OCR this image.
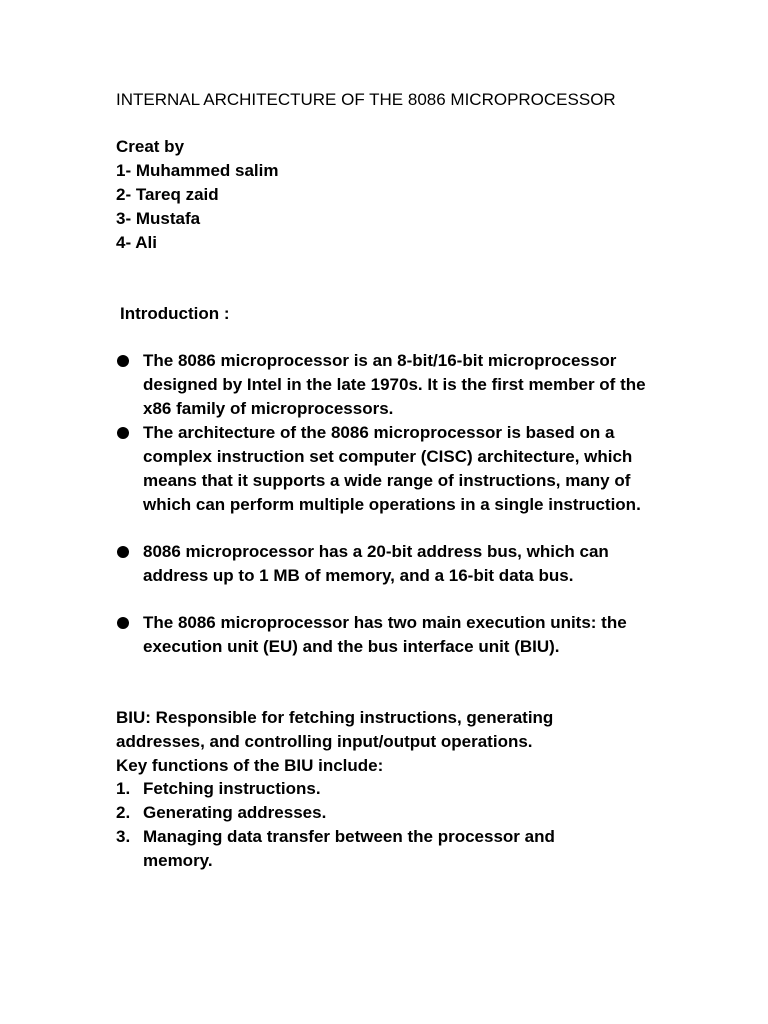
INTERNAL ARCHITECTURE OF THE 8086 MICROPROCESSOR
Creat by
1- Muhammed salim
2- Tareq zaid
3- Mustafa
4- Ali
Introduction :
The 8086 microprocessor is an 8-bit/16-bit microprocessor designed by Intel in the late 1970s. It is the first member of the x86 family of microprocessors.
The architecture of the 8086 microprocessor is based on a complex instruction set computer (CISC) architecture, which means that it supports a wide range of instructions, many of which can perform multiple operations in a single instruction.
8086 microprocessor has a 20-bit address bus, which can address up to 1 MB of memory, and a 16-bit data bus.
The 8086 microprocessor has two main execution units: the execution unit (EU) and the bus interface unit (BIU).
BIU: Responsible for fetching instructions, generating addresses, and controlling input/output operations.
Key functions of the BIU include:
1. Fetching instructions.
2. Generating addresses.
3. Managing data transfer between the processor and memory.
